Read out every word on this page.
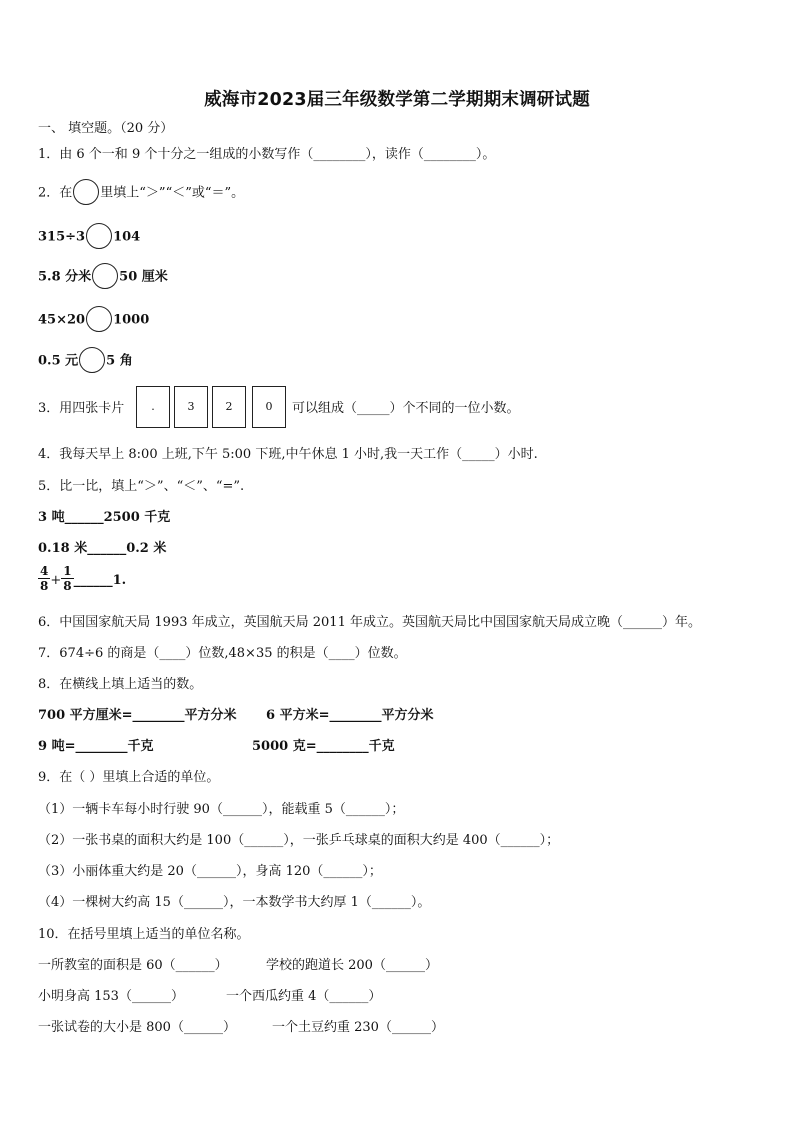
威海市2023届三年级数学第二学期期末调研试题
一、 填空题。（20 分）
1．由 6 个一和 9 个十分之一组成的小数写作（________），读作（________）。
2．在 里填上“＞”“＜”或“＝”。
315÷3 104
5.8 分米 50 厘米
45×20 1000
0.5 元 5 角
3．用四张卡片	.	3	2	0	可以组成（_____）个不同的一位小数。
4．我每天早上 8:00 上班,下午 5:00 下班,中午休息 1 小时,我一天工作（_____）小时.
5．比一比，填上“＞”、“＜”、“=”.
3 吨______2500 千克
0.18 米______0.2 米
$\frac{4}{8} + \frac{1}{8}$ ______1.
6．中国国家航天局 1993 年成立，英国航天局 2011 年成立。英国航天局比中国国家航天局成立晚（______）年。
7．674÷6 的商是（____）位数,48×35 的积是（____）位数。
8．在横线上填上适当的数。
700 平方厘米=________平方分米 6 平方米=________平方分米
9 吨=________千克	5000 克=________千克
9．在（ ）里填上合适的单位。
（1）一辆卡车每小时行驶 90（______），能载重 5（______）；
（2）一张书桌的面积大约是 100（______），一张乒乓球桌的面积大约是 400（______）；
（3）小丽体重大约是 20（______），身高 120（______）；
（4）一棵树大约高 15（______），一本数学书大约厚 1（______）。
10．在括号里填上适当的单位名称。
一所教室的面积是 60（______）	学校的跑道长 200（______）
小明身高 153（______）	一个西瓜约重 4（______）
一张试卷的大小是 800（______）	一个土豆约重 230（______）
